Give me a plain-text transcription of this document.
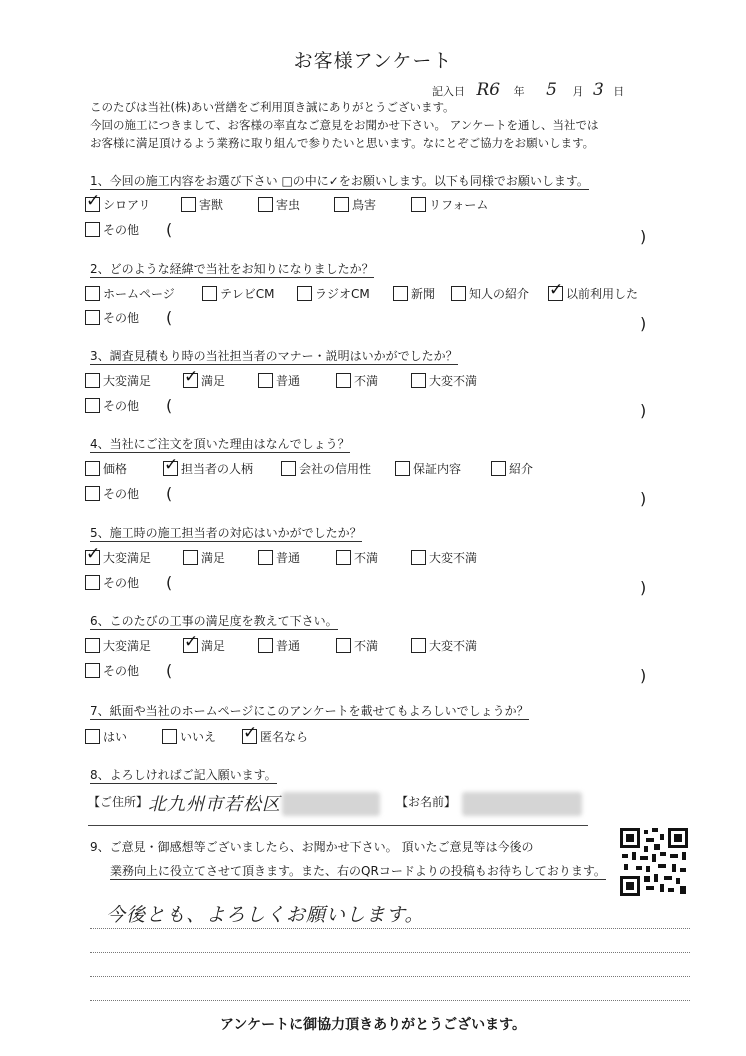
お客様アンケート
記入日 R6 年 5 月 3 日
このたびは当社(株)あい営繕をご利用頂き誠にありがとうございます。
今回の施工につきまして、お客様の率直なご意見をお聞かせ下さい。 アンケートを通し、当社では
お客様に満足頂けるよう業務に取り組んで参りたいと思います。なにとぞご協力をお願いします。
1、今回の施工内容をお選び下さい □の中に✓をお願いします。以下も同様でお願いします。
✓
シロアリ	害獣	害虫	鳥害	リフォーム
その他 (	)
2、どのような経緯で当社をお知りになりましたか？
ホームページ	テレビCM	ラジオCM	新聞	知人の紹介 ✓	以前利用した
その他 (	)
3、調査見積もり時の当社担当者のマナー・説明はいかがでしたか？
大変満足 ✓	満足	普通	不満	大変不満
その他 (	)
4、当社にご注文を頂いた理由はなんでしょう？
価格 ✓	担当者の人柄	会社の信用性	保証内容	紹介
その他 (	)
5、施工時の施工担当者の対応はいかがでしたか？
✓
大変満足	満足	普通	不満	大変不満
その他 (	)
6、このたびの工事の満足度を教えて下さい。
大変満足 ✓	満足	普通	不満	大変不満
その他 (	)
7、紙面や当社のホームページにこのアンケートを載せてもよろしいでしょうか？
はい	いいえ ✓	匿名なら
8、よろしければご記入願います。
【ご住所】 北九州市若松区	【お名前】
9、ご意見・御感想等ございましたら、お聞かせ下さい。 頂いたご意見等は今後の
業務向上に役立てさせて頂きます。また、右のQRコードよりの投稿もお待ちしております。
今後とも、よろしくお願いします。
アンケートに御協力頂きありがとうございます。
